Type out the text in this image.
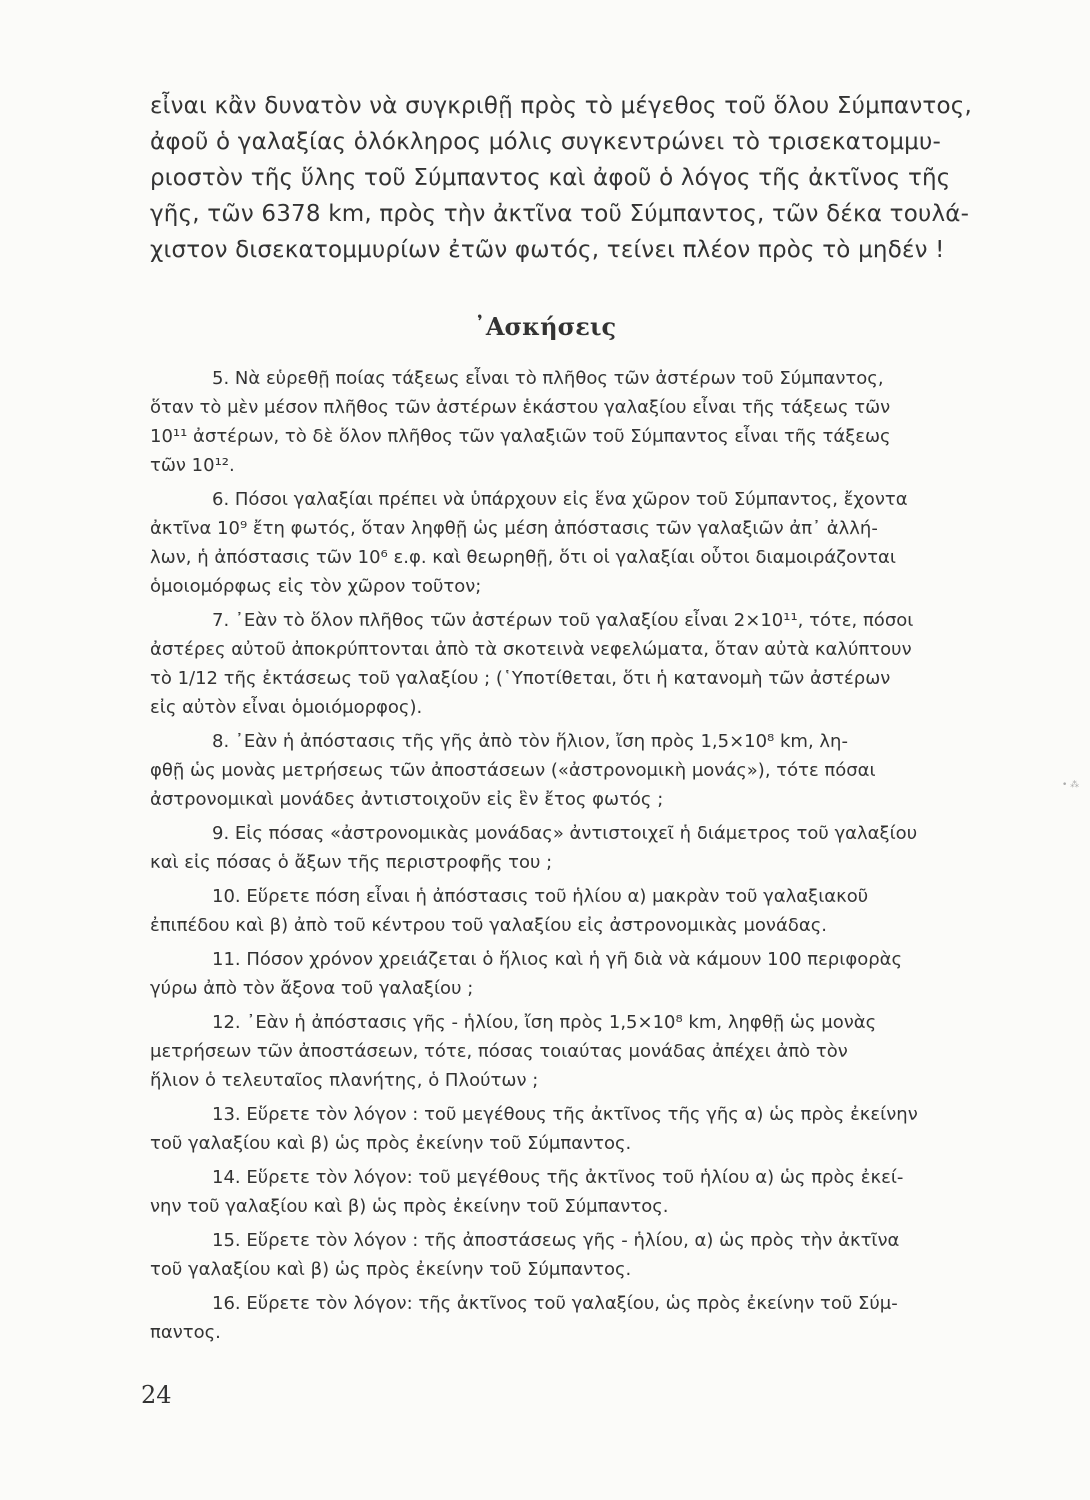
εἶναι κἂν δυνατὸν νὰ συγκριθῇ πρὸς τὸ μέγεθος τοῦ ὅλου Σύμπαντος,
ἀφοῦ ὁ γαλαξίας ὁλόκληρος μόλις συγκεντρώνει τὸ τρισεκατομμυ-
ριοστὸν τῆς ὕλης τοῦ Σύμπαντος καὶ ἀφοῦ ὁ λόγος τῆς ἀκτῖνος τῆς
γῆς, τῶν 6378 km, πρὸς τὴν ἀκτῖνα τοῦ Σύμπαντος, τῶν δέκα τουλά-
χιστον δισεκατομμυρίων ἐτῶν φωτός, τείνει πλέον πρὸς τὸ μηδέν !
᾿Ασκήσεις
5. Νὰ εὑρεθῇ ποίας τάξεως εἶναι τὸ πλῆθος τῶν ἀστέρων τοῦ Σύμπαντος,
ὅταν τὸ μὲν μέσον πλῆθος τῶν ἀστέρων ἑκάστου γαλαξίου εἶναι τῆς τάξεως τῶν
10¹¹ ἀστέρων, τὸ δὲ ὅλον πλῆθος τῶν γαλαξιῶν τοῦ Σύμπαντος εἶναι τῆς τάξεως
τῶν 10¹².
6. Πόσοι γαλαξίαι πρέπει νὰ ὑπάρχουν εἰς ἕνα χῶρον τοῦ Σύμπαντος, ἔχοντα
ἀκτῖνα 10⁹ ἔτη φωτός, ὅταν ληφθῇ ὡς μέση ἀπόστασις τῶν γαλαξιῶν ἀπ᾿ ἀλλή-
λων, ἡ ἀπόστασις τῶν 10⁶ ε.φ. καὶ θεωρηθῇ, ὅτι οἱ γαλαξίαι οὗτοι διαμοιράζονται
ὁμοιομόρφως εἰς τὸν χῶρον τοῦτον;
7. ᾿Εὰν τὸ ὅλον πλῆθος τῶν ἀστέρων τοῦ γαλαξίου εἶναι 2×10¹¹, τότε, πόσοι
ἀστέρες αὐτοῦ ἀποκρύπτονται ἀπὸ τὰ σκοτεινὰ νεφελώματα, ὅταν αὐτὰ καλύπτουν
τὸ 1/12 τῆς ἐκτάσεως τοῦ γαλαξίου ; (῾Υποτίθεται, ὅτι ἡ κατανομὴ τῶν ἀστέρων
εἰς αὐτὸν εἶναι ὁμοιόμορφος).
8. ᾿Εὰν ἡ ἀπόστασις τῆς γῆς ἀπὸ τὸν ἥλιον, ἴση πρὸς 1,5×10⁸ km, λη-
φθῇ ὡς μονὰς μετρήσεως τῶν ἀποστάσεων («ἀστρονομικὴ μονάς»), τότε πόσαι
ἀστρονομικαὶ μονάδες ἀντιστοιχοῦν εἰς ἓν ἔτος φωτός ;
9. Εἰς πόσας «ἀστρονομικὰς μονάδας» ἀντιστοιχεῖ ἡ διάμετρος τοῦ γαλαξίου
καὶ εἰς πόσας ὁ ἄξων τῆς περιστροφῆς του ;
10. Εὕρετε πόση εἶναι ἡ ἀπόστασις τοῦ ἡλίου α) μακρὰν τοῦ γαλαξιακοῦ
ἐπιπέδου καὶ β) ἀπὸ τοῦ κέντρου τοῦ γαλαξίου εἰς ἀστρονομικὰς μονάδας.
11. Πόσον χρόνον χρειάζεται ὁ ἥλιος καὶ ἡ γῆ διὰ νὰ κάμουν 100 περιφορὰς
γύρω ἀπὸ τὸν ἄξονα τοῦ γαλαξίου ;
12. ᾿Εὰν ἡ ἀπόστασις γῆς - ἡλίου, ἴση πρὸς 1,5×10⁸ km, ληφθῇ ὡς μονὰς
μετρήσεων τῶν ἀποστάσεων, τότε, πόσας τοιαύτας μονάδας ἀπέχει ἀπὸ τὸν
ἥλιον ὁ τελευταῖος πλανήτης, ὁ Πλούτων ;
13. Εὕρετε τὸν λόγον : τοῦ μεγέθους τῆς ἀκτῖνος τῆς γῆς α) ὡς πρὸς ἐκείνην
τοῦ γαλαξίου καὶ β) ὡς πρὸς ἐκείνην τοῦ Σύμπαντος.
14. Εὕρετε τὸν λόγον: τοῦ μεγέθους τῆς ἀκτῖνος τοῦ ἡλίου α) ὡς πρὸς ἐκεί-
νην τοῦ γαλαξίου καὶ β) ὡς πρὸς ἐκείνην τοῦ Σύμπαντος.
15. Εὕρετε τὸν λόγον : τῆς ἀποστάσεως γῆς - ἡλίου, α) ὡς πρὸς τὴν ἀκτῖνα
τοῦ γαλαξίου καὶ β) ὡς πρὸς ἐκείνην τοῦ Σύμπαντος.
16. Εὕρετε τὸν λόγον: τῆς ἀκτῖνος τοῦ γαλαξίου, ὡς πρὸς ἐκείνην τοῦ Σύμ-
παντος.
• ⁂
24
